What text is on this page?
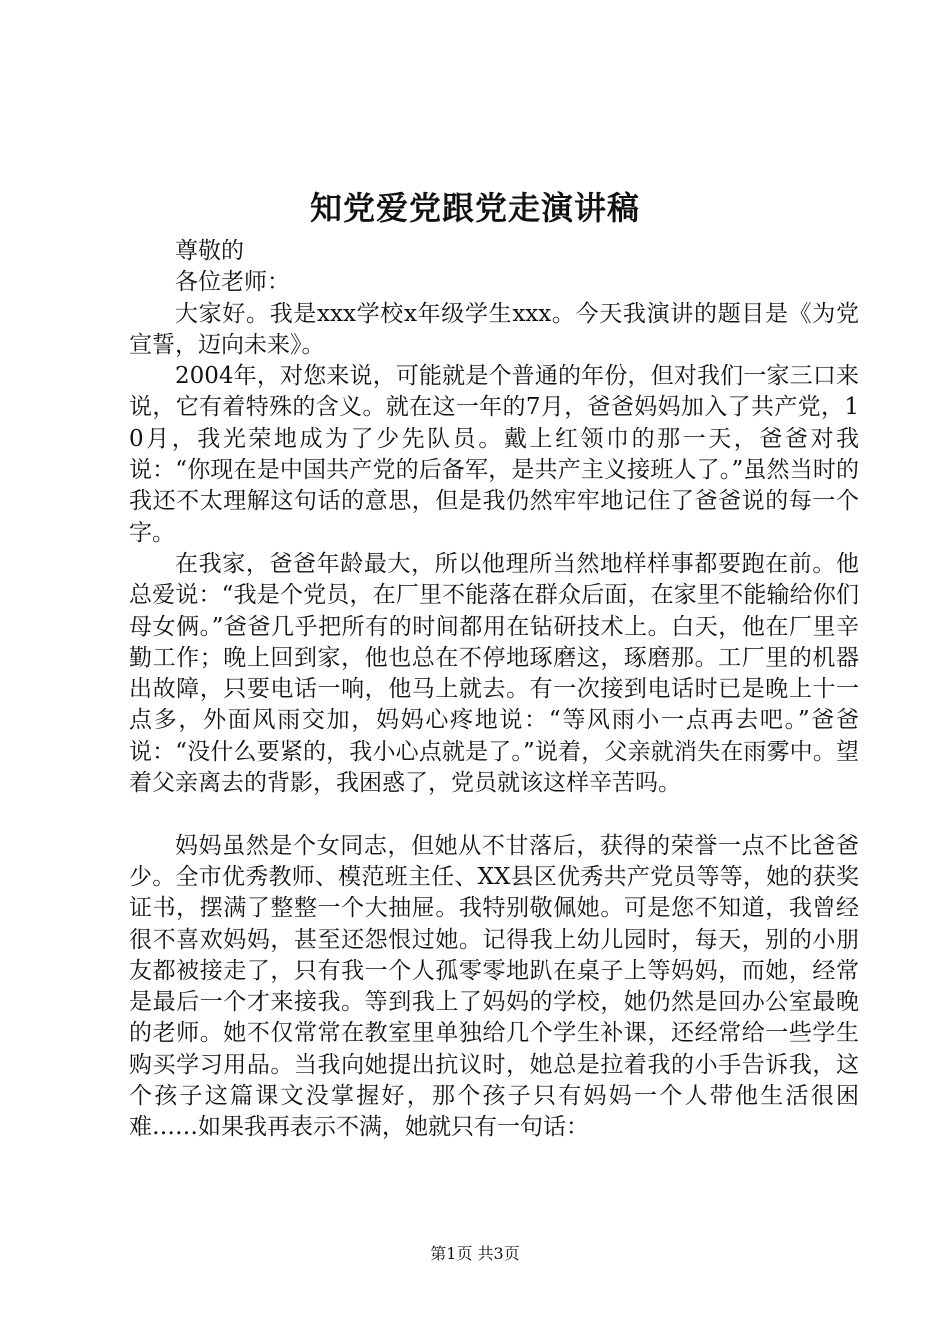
知党爱党跟党走演讲稿

尊敬的

各位老师：

大家好。我是xxx学校x年级学生xxx。今天我演讲的题目是《为党宣誓，迈向未来》。

2004年，对您来说，可能就是个普通的年份，但对我们一家三口来说，它有着特殊的含义。就在这一年的7月，爸爸妈妈加入了共产党，10月，我光荣地成为了少先队员。戴上红领巾的那一天，爸爸对我说：“你现在是中国共产党的后备军，是共产主义接班人了。”虽然当时的我还不太理解这句话的意思，但是我仍然牢牢地记住了爸爸说的每一个字。

在我家，爸爸年龄最大，所以他理所当然地样样事都要跑在前。他总爱说：“我是个党员，在厂里不能落在群众后面，在家里不能输给你们母女俩。”爸爸几乎把所有的时间都用在钻研技术上。白天，他在厂里辛勤工作；晚上回到家，他也总在不停地琢磨这，琢磨那。工厂里的机器出故障，只要电话一响，他马上就去。有一次接到电话时已是晚上十一点多，外面风雨交加，妈妈心疼地说：“等风雨小一点再去吧。”爸爸说：“没什么要紧的，我小心点就是了。”说着，父亲就消失在雨雾中。望着父亲离去的背影，我困惑了，党员就该这样辛苦吗。

妈妈虽然是个女同志，但她从不甘落后，获得的荣誉一点不比爸爸少。全市优秀教师、模范班主任、XX县区优秀共产党员等等，她的获奖证书，摆满了整整一个大抽屉。我特别敬佩她。可是您不知道，我曾经很不喜欢妈妈，甚至还怨恨过她。记得我上幼儿园时，每天，别的小朋友都被接走了，只有我一个人孤零零地趴在桌子上等妈妈，而她，经常是最后一个才来接我。等到我上了妈妈的学校，她仍然是回办公室最晚的老师。她不仅常常在教室里单独给几个学生补课，还经常给一些学生购买学习用品。当我向她提出抗议时，她总是拉着我的小手告诉我，这个孩子这篇课文没掌握好，那个孩子只有妈妈一个人带他生活很困难……如果我再表示不满，她就只有一句话：

第1页 共3页
